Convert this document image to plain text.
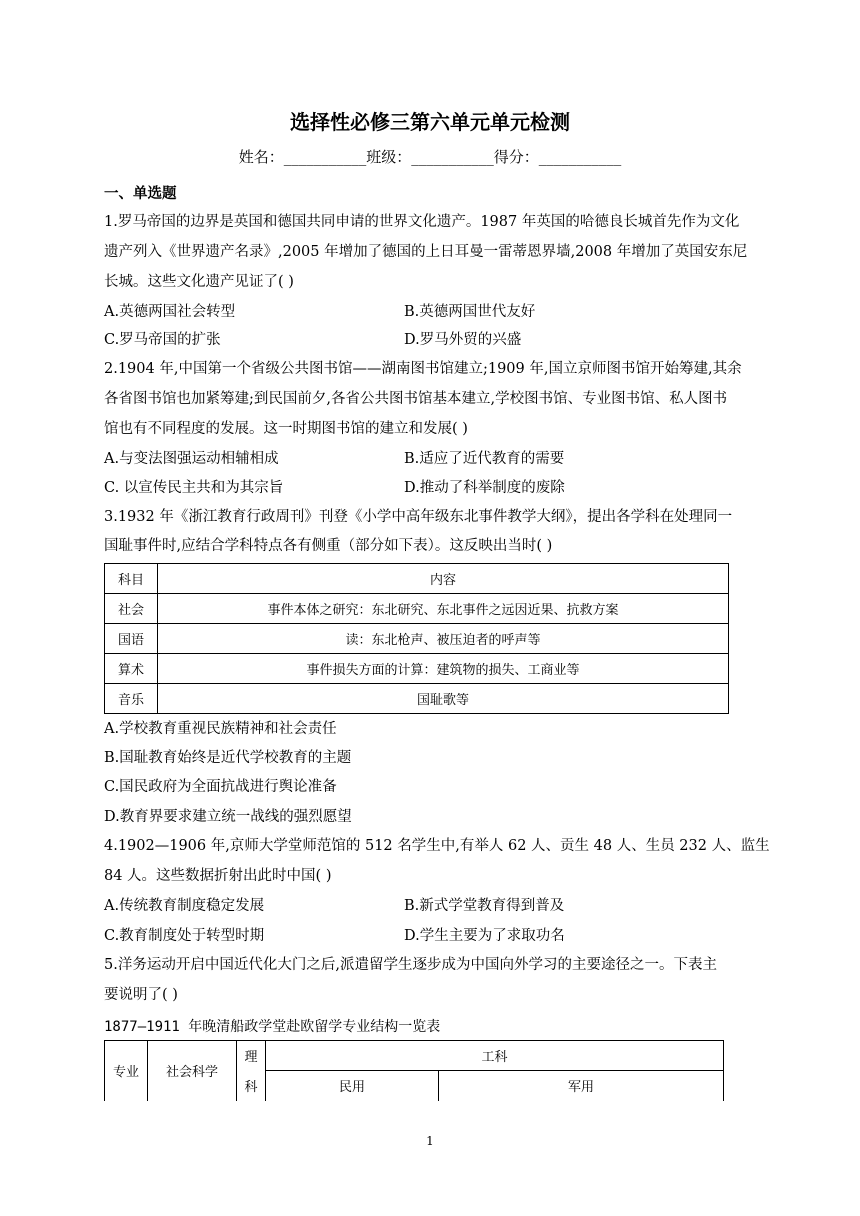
选择性必修三第六单元单元检测
姓名：___________班级：___________得分：___________
一、单选题
1.罗马帝国的边界是英国和德国共同申请的世界文化遗产。1987 年英国的哈德良长城首先作为文化
遗产列入《世界遗产名录》,2005 年增加了德国的上日耳曼一雷蒂恩界墙,2008 年增加了英国安东尼
长城。这些文化遗产见证了( )
A.英德两国社会转型	B.英德两国世代友好
C.罗马帝国的扩张	D.罗马外贸的兴盛
2.1904 年,中国第一个省级公共图书馆——湖南图书馆建立;1909 年,国立京师图书馆开始筹建,其余
各省图书馆也加紧筹建;到民国前夕,各省公共图书馆基本建立,学校图书馆、专业图书馆、私人图书
馆也有不同程度的发展。这一时期图书馆的建立和发展( )
A.与变法图强运动相辅相成	B.适应了近代教育的需要
C. 以宣传民主共和为其宗旨	D.推动了科举制度的废除
3.1932 年《浙江教育行政周刊》刊登《小学中高年级东北事件教学大纲》，提出各学科在处理同一
国耻事件时,应结合学科特点各有侧重（部分如下表）。这反映出当时( )
科目	内容
社会	事件本体之研究：东北研究、东北事件之远因近果、抗救方案
国语	读：东北枪声、被压迫者的呼声等
算术	事件损失方面的计算：建筑物的损失、工商业等
音乐	国耻歌等
A.学校教育重视民族精神和社会责任
B.国耻教育始终是近代学校教育的主题
C.国民政府为全面抗战进行舆论准备
D.教育界要求建立统一战线的强烈愿望
4.1902—1906 年,京师大学堂师范馆的 512 名学生中,有举人 62 人、贡生 48 人、生员 232 人、监生
84 人。这些数据折射出此时中国( )
A.传统教育制度稳定发展	B.新式学堂教育得到普及
C.教育制度处于转型时期	D.学生主要为了求取功名
5.洋务运动开启中国近代化大门之后,派遣留学生逐步成为中国向外学习的主要途径之一。下表主
要说明了( )
1877—1911 年晚清船政学堂赴欧留学专业结构一览表
专业	社会科学	理	工科	
		科	民用	军用
1
